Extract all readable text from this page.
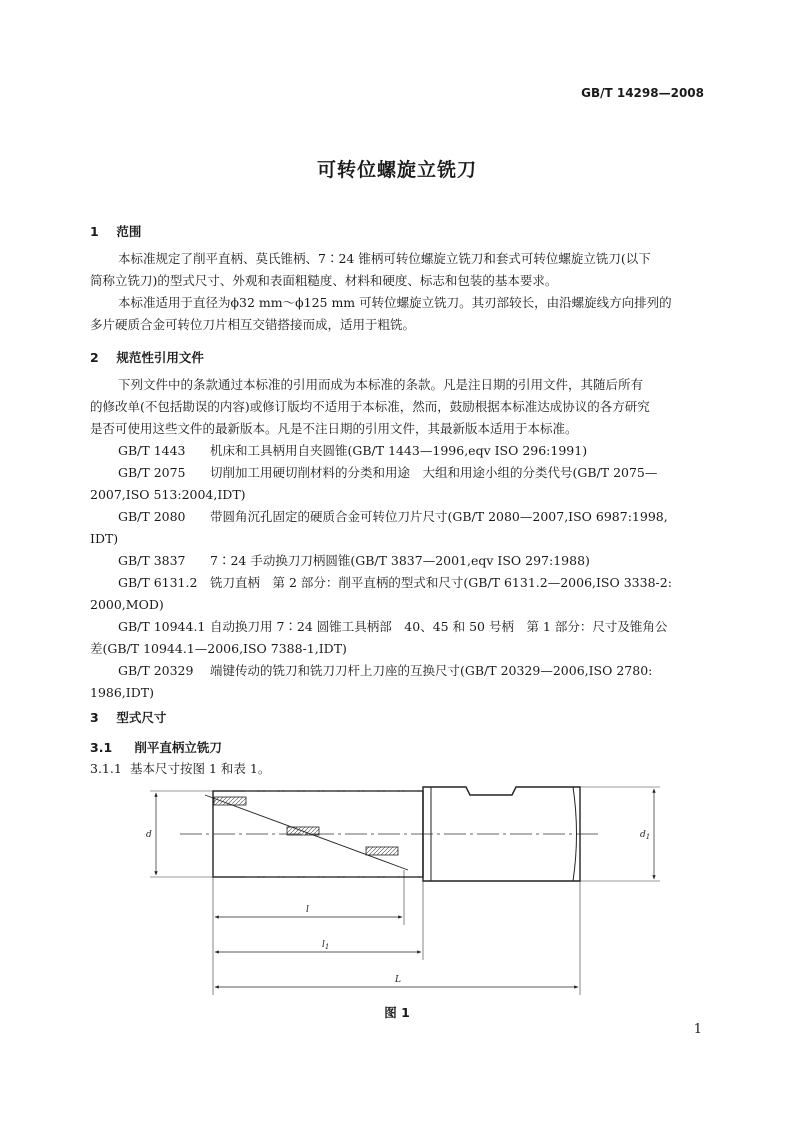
GB/T 14298—2008
可转位螺旋立铣刀
1 范围
本标准规定了削平直柄、莫氏锥柄、7∶24 锥柄可转位螺旋立铣刀和套式可转位螺旋立铣刀(以下
简称立铣刀)的型式尺寸、外观和表面粗糙度、材料和硬度、标志和包装的基本要求。
本标准适用于直径为ϕ32 mm～ϕ125 mm 可转位螺旋立铣刀。其刃部较长，由沿螺旋线方向排列的
多片硬质合金可转位刀片相互交错搭接而成，适用于粗铣。
2 规范性引用文件
下列文件中的条款通过本标准的引用而成为本标准的条款。凡是注日期的引用文件，其随后所有
的修改单(不包括勘误的内容)或修订版均不适用于本标准，然而，鼓励根据本标准达成协议的各方研究
是否可使用这些文件的最新版本。凡是不注日期的引用文件，其最新版本适用于本标准。
GB/T 1443 机床和工具柄用自夹圆锥(GB/T 1443—1996,eqv ISO 296:1991)
GB/T 2075 切削加工用硬切削材料的分类和用途　大组和用途小组的分类代号(GB/T 2075—
2007,ISO 513:2004,IDT)
GB/T 2080 带圆角沉孔固定的硬质合金可转位刀片尺寸(GB/T 2080—2007,ISO 6987:1998,
IDT)
GB/T 3837 7∶24 手动换刀刀柄圆锥(GB/T 3837—2001,eqv ISO 297:1988)
GB/T 6131.2 铣刀直柄　第 2 部分：削平直柄的型式和尺寸(GB/T 6131.2—2006,ISO 3338-2:
2000,MOD)
GB/T 10944.1 自动换刀用 7∶24 圆锥工具柄部　40、45 和 50 号柄　第 1 部分：尺寸及锥角公
差(GB/T 10944.1—2006,ISO 7388-1,IDT)
GB/T 20329 端键传动的铣刀和铣刀刀杆上刀座的互换尺寸(GB/T 20329—2006,ISO 2780:
1986,IDT)
3 型式尺寸
3.1 削平直柄立铣刀
3.1.1 基本尺寸按图 1 和表 1。
d	$d_1$
l
$l_1$
L
图 1
1
